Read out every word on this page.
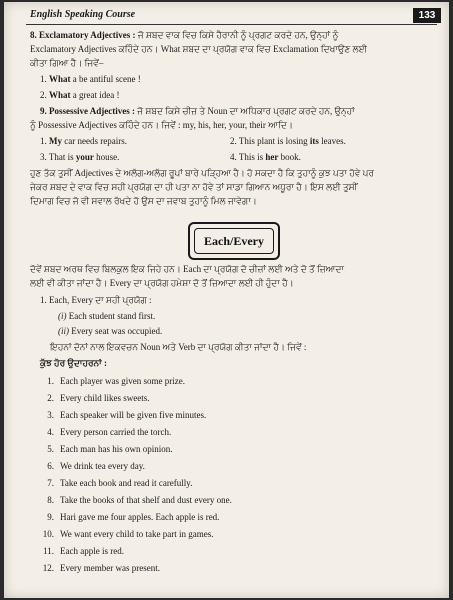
English Speaking Course	133
8. Exclamatory Adjectives : ਜੋ ਸ਼ਬਦ ਵਾਕ ਵਿਚ ਕਿਸੇ ਹੈਰਾਨੀ ਨੂੰ ਪ੍ਰਗਟ ਕਰਦੇ ਹਨ, ਉਨ੍ਹਾਂ ਨੂੰ
Exclamatory Adjectives ਕਹਿੰਦੇ ਹਨ। What ਸ਼ਬਦ ਦਾ ਪ੍ਰਯੋਗ ਵਾਕ ਵਿਚ Exclamation ਦਿਖਾਉਣ ਲਈ
ਕੀਤਾ ਗਿਆ ਹੈ। ਜਿਵੇਂ–
1. What a be antiful scene !
2. What a great idea !
9. Possessive Adjectives : ਜੋ ਸ਼ਬਦ ਕਿਸੇ ਚੀਜ਼ ਤੇ Noun ਦਾ ਅਧਿਕਾਰ ਪ੍ਰਗਟ ਕਰਦੇ ਹਨ, ਉਨ੍ਹਾਂ
ਨੂੰ Possessive Adjectives ਕਹਿੰਦੇ ਹਨ। ਜਿਵੇਂ : my, his, her, your, their ਆਦਿ।
1. My car needs repairs.	2. This plant is losing its leaves.
3. That is your house.	4. This is her book.
ਹੁਣ ਤੱਕ ਤੁਸੀਂ Adjectives ਦੇ ਅਲੱਗ-ਅਲੱਗ ਰੂਪਾਂ ਬਾਰੇ ਪੜ੍ਹਿਆ ਹੈ। ਹੋ ਸਕਦਾ ਹੈ ਕਿ ਤੁਹਾਨੂੰ ਕੁਝ ਪਤਾ ਹੋਵੇ ਪਰ
ਜੇਕਰ ਸ਼ਬਦ ਦੇ ਵਾਕ ਵਿਚ ਸਹੀ ਪ੍ਰਯੋਗ ਦਾ ਹੀ ਪਤਾ ਨਾ ਹੋਵੇ ਤਾਂ ਸਾਡਾ ਗਿਆਨ ਅਧੂਰਾ ਹੈ। ਇਸ ਲਈ ਤੁਸੀਂ
ਦਿਮਾਗ ਵਿਚ ਜੋ ਵੀ ਸਵਾਲ ਰੱਖਦੇ ਹੋ ਉਸ ਦਾ ਜਵਾਬ ਤੁਹਾਨੂੰ ਮਿਲ ਜਾਵੇਗਾ।
Each/Every
ਦੋਵੇਂ ਸ਼ਬਦ ਅਰਥ ਵਿਚ ਬਿਲਕੁਲ ਇਕ ਜਿਹੇ ਹਨ। Each ਦਾ ਪ੍ਰਯੋਗ ਦੋ ਚੀਜ਼ਾਂ ਲਈ ਅਤੇ ਦੋ ਤੋਂ ਜ਼ਿਆਦਾ
ਲਈ ਵੀ ਕੀਤਾ ਜਾਂਦਾ ਹੈ। Every ਦਾ ਪ੍ਰਯੋਗ ਹਮੇਸ਼ਾ ਦੋ ਤੋਂ ਜ਼ਿਆਦਾ ਲਈ ਹੀ ਹੁੰਦਾ ਹੈ।
1. Each, Every ਦਾ ਸਹੀ ਪ੍ਰਯੋਗ :
(i) Each student stand first.
(ii) Every seat was occupied.
ਇਹਨਾਂ ਦੋਨਾਂ ਨਾਲ ਇਕਵਚਨ Noun ਅਤੇ Verb ਦਾ ਪ੍ਰਯੋਗ ਕੀਤਾ ਜਾਂਦਾ ਹੈ। ਜਿਵੇਂ :
ਕੁੱਝ ਹੋਰ ਉਦਾਹਰਨਾਂ :
1. Each player was given some prize.
2. Every child likes sweets.
3. Each speaker will be given five minutes.
4. Every person carried the torch.
5. Each man has his own opinion.
6. We drink tea every day.
7. Take each book and read it carefully.
8. Take the books of that shelf and dust every one.
9. Hari gave me four apples. Each apple is red.
10. We want every child to take part in games.
11. Each apple is red.
12. Every member was present.
